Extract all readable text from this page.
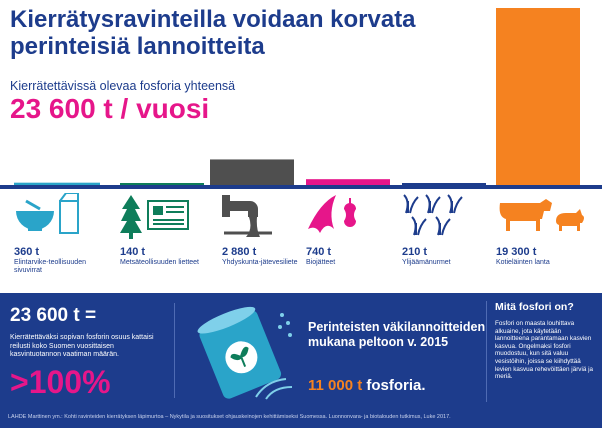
Kierrätysravinteilla voidaan korvata perinteisiä lannoitteita
Kierrätettävissä olevaa fosforia yhteensä
23 600 t / vuosi
360 t
Elintarvike-teollisuuden sivuvirrat
140 t
Metsäteollisuuden lietteet
2 880 t
Yhdyskunta-jätevesiliete
740 t
Biojätteet
210 t
Ylijäämänurmet
19 300 t
Kotieläinten lanta
23 600 t =
Kierrätettäväksi sopivan fosforin osuus kattaisi reilusti koko Suomen vuosittaisen kasvintuotannon vaatiman määrän.
>100%
Perinteisten väkilannoitteiden mukana peltoon v. 2015
11 000 t fosforia.
Mitä fosfori on?
Fosfori on maasta louhittava alkuaine, jota käytetään lannoitteena parantamaan kasvien kasvua. Ongelmaksi fosfori muodostuu, kun sitä valuu vesistöihin, joissa se kiihdyttää levien kasvua rehevöittäen järviä ja meriä.
LÄHDE Marttinen ym.: Kohti ravinteiden kierrätyksen läpimurtoa – Nykytila ja suositukset ohjauskeinojen kehittämiseksi Suomessa. Luonnonvara- ja biotalouden tutkimus, Luke 2017.
